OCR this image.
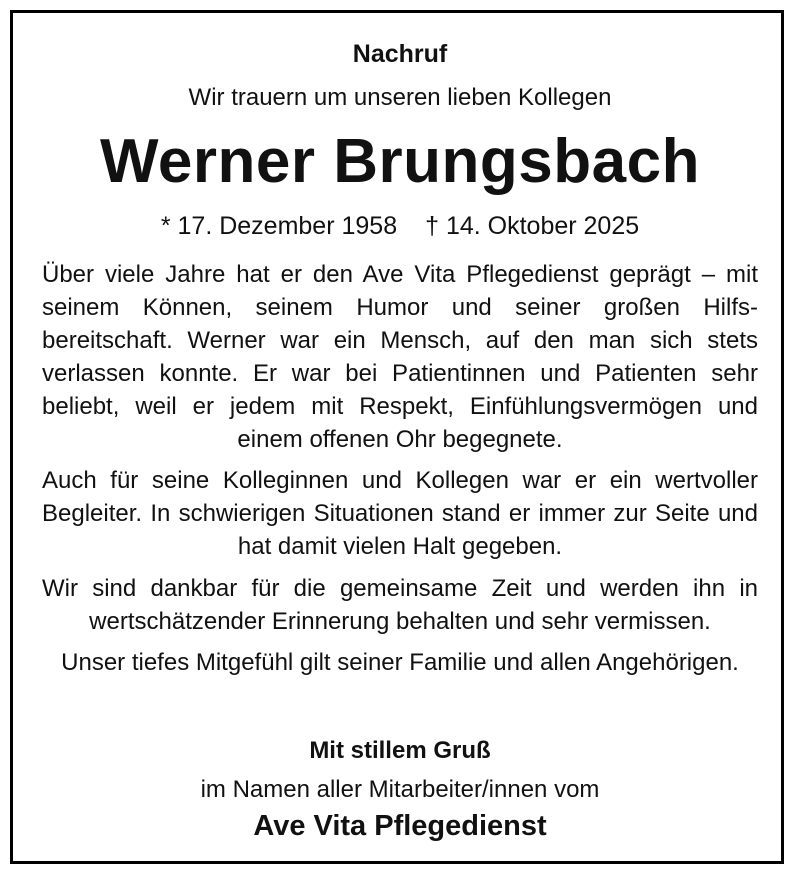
Nachruf
Wir trauern um unseren lieben Kollegen
Werner Brungsbach
* 17. Dezember 1958 † 14. Oktober 2025
Über viele Jahre hat er den Ave Vita Pflegedienst geprägt – mit seinem Können, seinem Humor und seiner großen Hilfsbereitschaft. Werner war ein Mensch, auf den man sich stets verlassen konnte. Er war bei Patientinnen und Patienten sehr beliebt, weil er jedem mit Respekt, Einfühlungsvermögen und einem offenen Ohr begegnete.
Auch für seine Kolleginnen und Kollegen war er ein wertvoller Begleiter. In schwierigen Situationen stand er immer zur Seite und hat damit vielen Halt gegeben.
Wir sind dankbar für die gemeinsame Zeit und werden ihn in wertschätzender Erinnerung behalten und sehr vermissen.
Unser tiefes Mitgefühl gilt seiner Familie und allen Angehörigen.
Mit stillem Gruß
im Namen aller Mitarbeiter/innen vom
Ave Vita Pflegedienst
